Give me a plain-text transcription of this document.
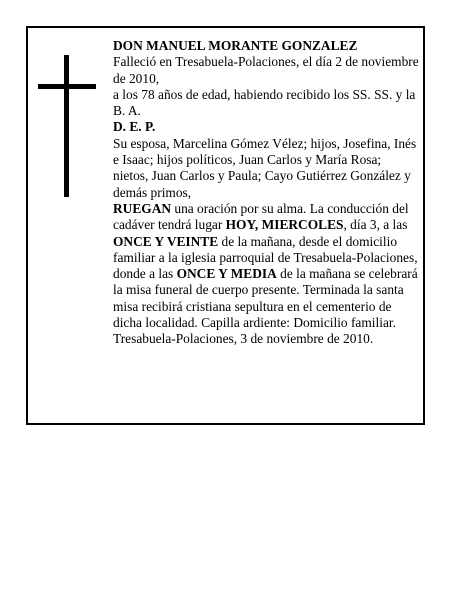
DON MANUEL MORANTE GONZALEZ

Falleció en Tresabuela-Polaciones, el día 2 de noviembre de 2010,

a los 78 años de edad, habiendo recibido los SS. SS. y la B. A.

D. E. P.

Su esposa, Marcelina Gómez Vélez; hijos, Josefina, Inés e Isaac; hijos políticos, Juan Carlos y María Rosa; nietos, Juan Carlos y Paula; Cayo Gutiérrez González y demás primos,

RUEGAN una oración por su alma. La conducción del cadáver tendrá lugar HOY, MIERCOLES, día 3, a las ONCE Y VEINTE de la mañana, desde el domicilio familiar a la iglesia parroquial de Tresabuela-Polaciones, donde a las ONCE Y MEDIA de la mañana se celebrará la misa funeral de cuerpo presente. Terminada la santa misa recibirá cristiana sepultura en el cementerio de dicha localidad. Capilla ardiente: Domicilio familiar.

Tresabuela-Polaciones, 3 de noviembre de 2010.
